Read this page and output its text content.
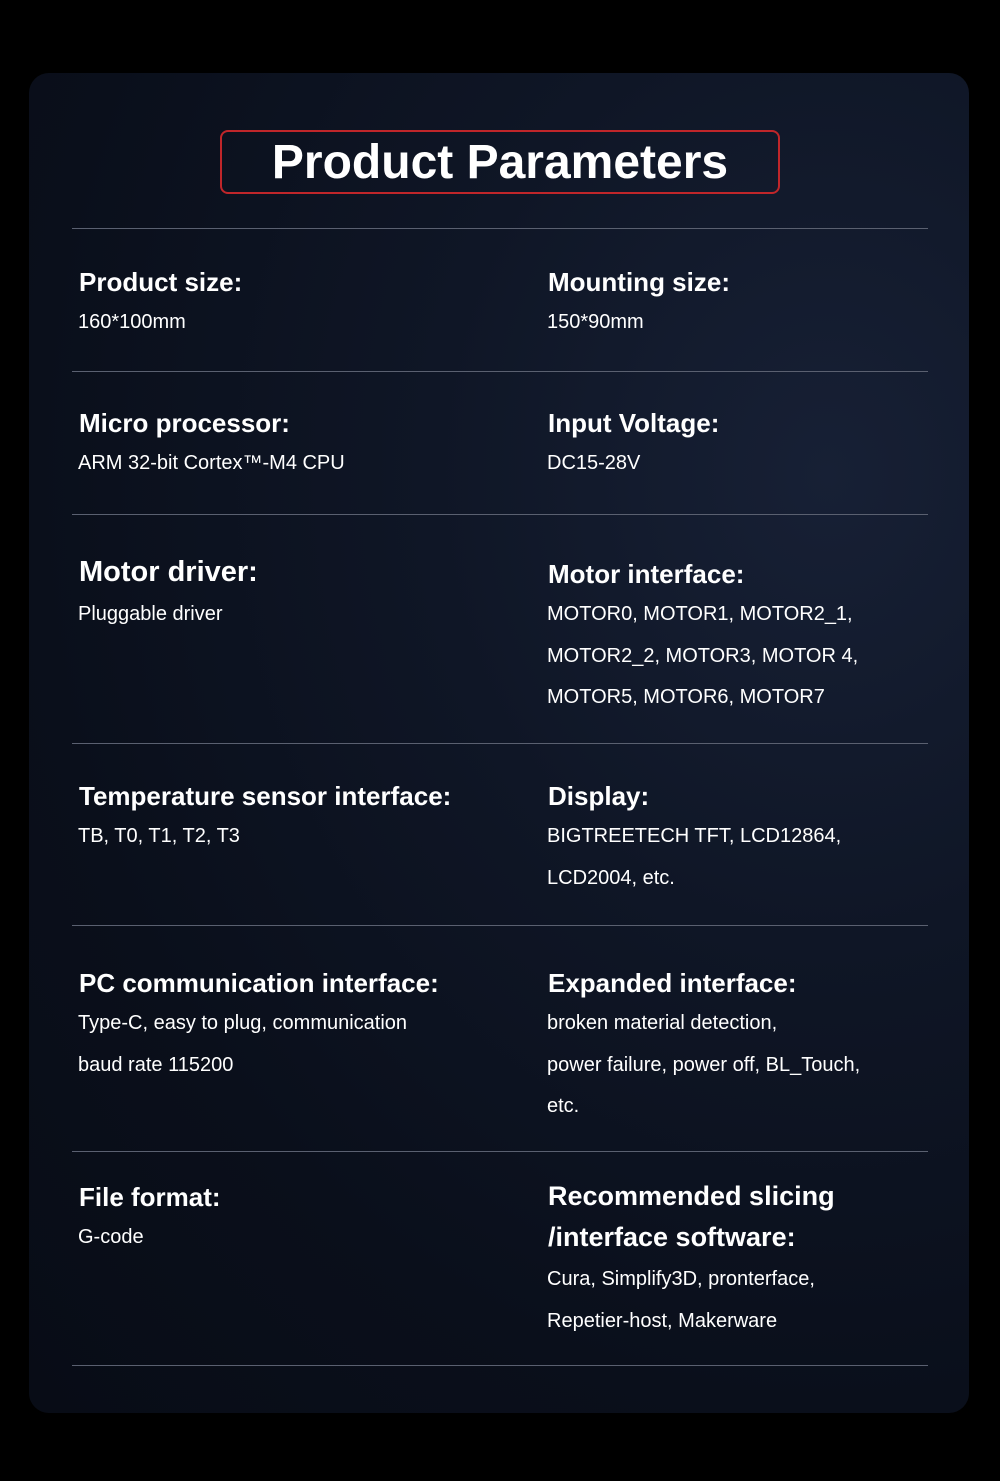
Product Parameters
Product size:
160*100mm
Mounting size:
150*90mm
Micro processor:
ARM 32-bit Cortex™-M4 CPU
Input Voltage:
DC15-28V
Motor driver:
Pluggable driver
Motor interface:
MOTOR0, MOTOR1, MOTOR2_1,
MOTOR2_2, MOTOR3, MOTOR 4,
MOTOR5, MOTOR6, MOTOR7
Temperature sensor interface:
TB, T0, T1, T2, T3
Display:
BIGTREETECH TFT, LCD12864,
LCD2004, etc.
PC communication interface:
Type-C, easy to plug, communication
baud rate 115200
Expanded interface:
broken material detection,
power failure, power off, BL_Touch,
etc.
File format:
G-code
Recommended slicing /interface software:
Cura, Simplify3D, pronterface,
Repetier-host, Makerware
